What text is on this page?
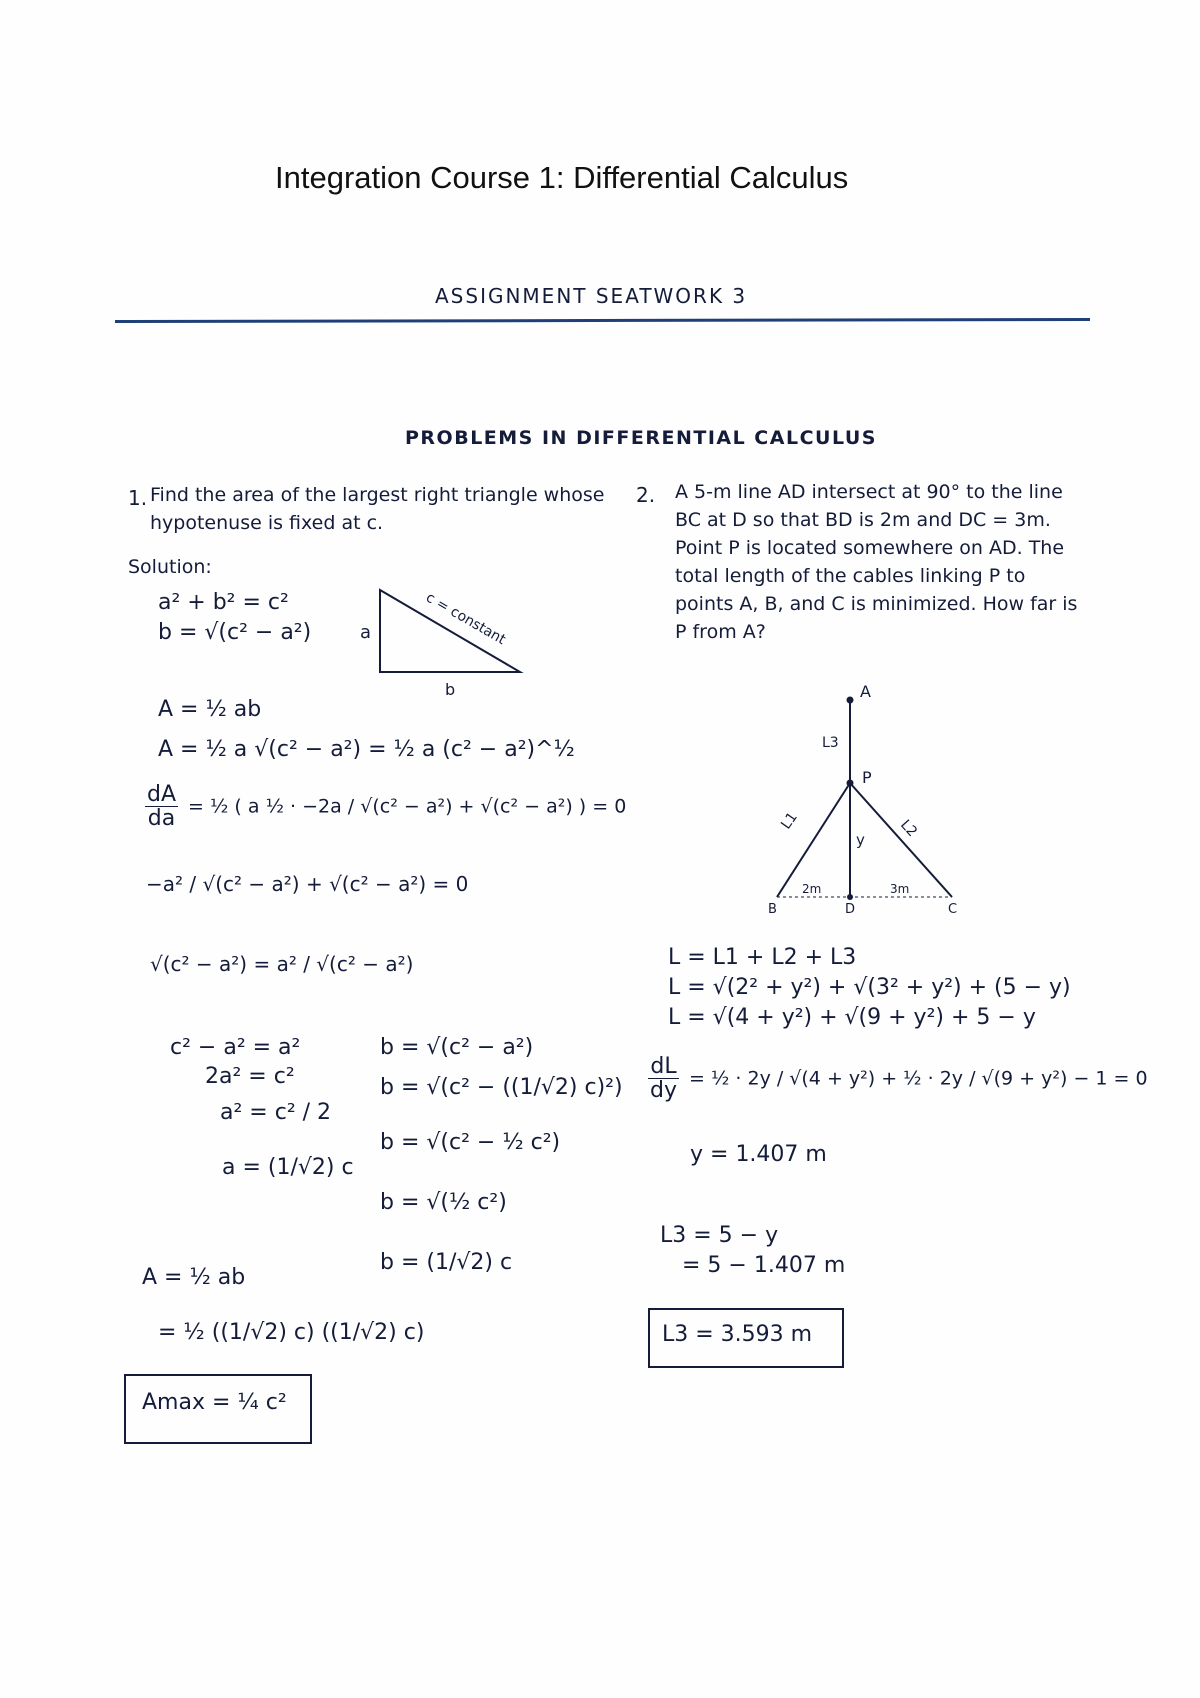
Integration Course 1: Differential Calculus
ASSIGNMENT SEATWORK 3
PROBLEMS IN DIFFERENTIAL CALCULUS
1. Find the area of the largest right triangle whose hypotenuse is fixed at c.
Solution:
a² + b² = c²
b = √(c² − a²)	a
b
c = constant
A = ½ ab
A = ½ a √(c² − a²) = ½ a (c² − a²)^½
$\frac{dA}{da}$ = ½ ( a ½ · −2a / √(c² − a²) + √(c² − a²) ) = 0
−a² / √(c² − a²) + √(c² − a²) = 0
√(c² − a²) = a² / √(c² − a²)
c² − a² = a²
2a² = c²
a² = c² / 2
a = (1/√2) c
b = √(c² − a²)
b = √(c² − ((1/√2) c)²)
b = √(c² − ½ c²)
b = √(½ c²)
b = (1/√2) c
A = ½ ab
= ½ ((1/√2) c) ((1/√2) c)
Amax = ¼ c²
2. A 5-m line AD intersect at 90° to the line BC at D so that BD is 2m and DC = 3m. Point P is located somewhere on AD. The total length of the cables linking P to points A, B, and C is minimized. How far is P from A?
A
P
L3
L1	L2
y
B	D	C
2m	3m
L = L1 + L2 + L3
L = √(2² + y²) + √(3² + y²) + (5 − y)
L = √(4 + y²) + √(9 + y²) + 5 − y
$\frac{dL}{dy}$ = ½ · 2y / √(4 + y²) + ½ · 2y / √(9 + y²) − 1 = 0
y = 1.407 m
L3 = 5 − y
= 5 − 1.407 m
L3 = 3.593 m
